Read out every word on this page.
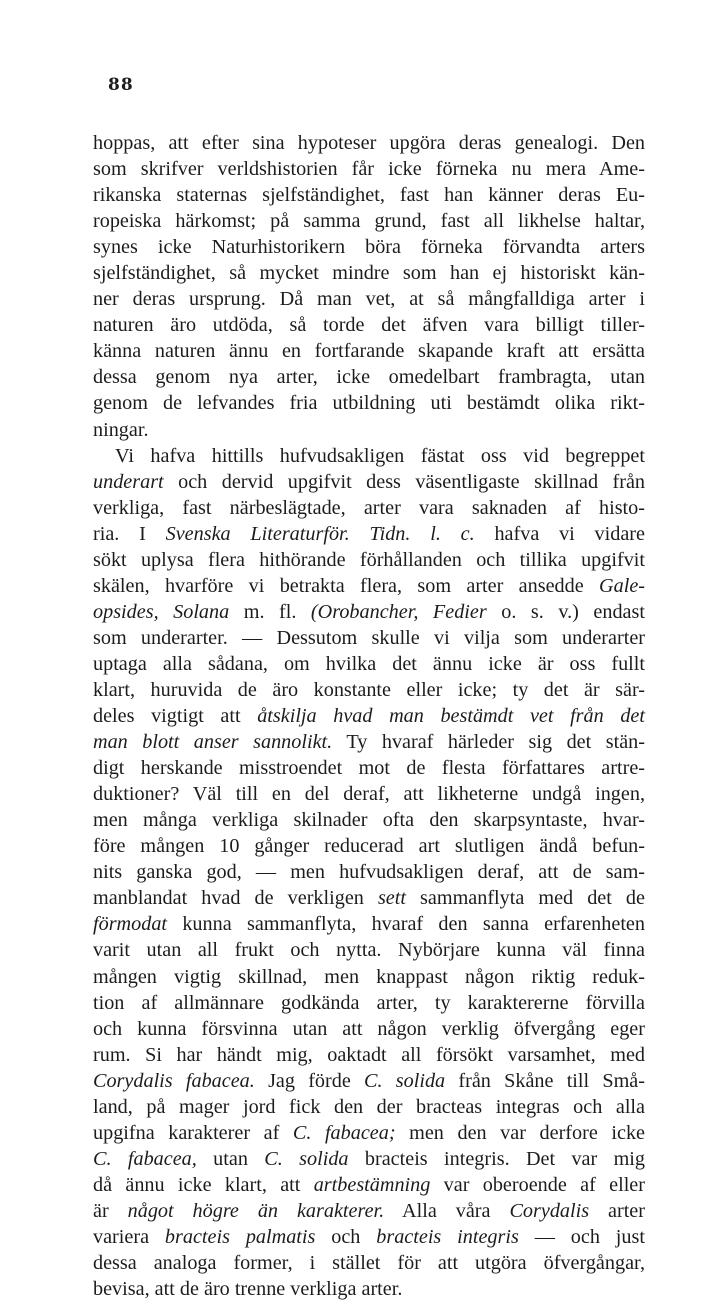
88
hoppas, att efter sina hypoteser upgöra deras genealogi. Den
som skrifver verldshistorien får icke förneka nu mera Ame-
rikanska staternas sjelfständighet, fast han känner deras Eu-
ropeiska härkomst; på samma grund, fast all likhelse haltar,
synes icke Naturhistorikern böra förneka förvandta arters
sjelfständighet, så mycket mindre som han ej historiskt kän-
ner deras ursprung. Då man vet, at så mångfalldiga arter i
naturen äro utdöda, så torde det äfven vara billigt tiller-
känna naturen ännu en fortfarande skapande kraft att ersätta
dessa genom nya arter, icke omedelbart frambragta, utan
genom de lefvandes fria utbildning uti bestämdt olika rikt-
ningar.
Vi hafva hittills hufvudsakligen fästat oss vid begreppet
underart och dervid upgifvit dess väsentligaste skillnad från
verkliga, fast närbeslägtade, arter vara saknaden af histo-
ria. I Svenska Literaturför. Tidn. l. c. hafva vi vidare
sökt uplysa flera hithörande förhållanden och tillika upgifvit
skälen, hvarföre vi betrakta flera, som arter ansedde Gale-
opsides, Solana m. fl. (Orobancher, Fedier o. s. v.) endast
som underarter. — Dessutom skulle vi vilja som underarter
uptaga alla sådana, om hvilka det ännu icke är oss fullt
klart, huruvida de äro konstante eller icke; ty det är sär-
deles vigtigt att åtskilja hvad man bestämdt vet från det
man blott anser sannolikt. Ty hvaraf härleder sig det stän-
digt herskande misstroendet mot de flesta författares artre-
duktioner? Väl till en del deraf, att likheterne undgå ingen,
men många verkliga skilnader ofta den skarpsyntaste, hvar-
före mången 10 gånger reducerad art slutligen ändå befun-
nits ganska god, — men hufvudsakligen deraf, att de sam-
manblandat hvad de verkligen sett sammanflyta med det de
förmodat kunna sammanflyta, hvaraf den sanna erfarenheten
varit utan all frukt och nytta. Nybörjare kunna väl finna
mången vigtig skillnad, men knappast någon riktig reduk-
tion af allmännare godkända arter, ty karaktererne förvilla
och kunna försvinna utan att någon verklig öfvergång eger
rum. Si har händt mig, oaktadt all försökt varsamhet, med
Corydalis fabacea. Jag förde C. solida från Skåne till Små-
land, på mager jord fick den der bracteas integras och alla
upgifna karakterer af C. fabacea; men den var derfore icke
C. fabacea, utan C. solida bracteis integris. Det var mig
då ännu icke klart, att artbestämning var oberoende af eller
är något högre än karakterer. Alla våra Corydalis arter
variera bracteis palmatis och bracteis integris — och just
dessa analoga former, i stället för att utgöra öfvergångar,
bevisa, att de äro trenne verkliga arter.
